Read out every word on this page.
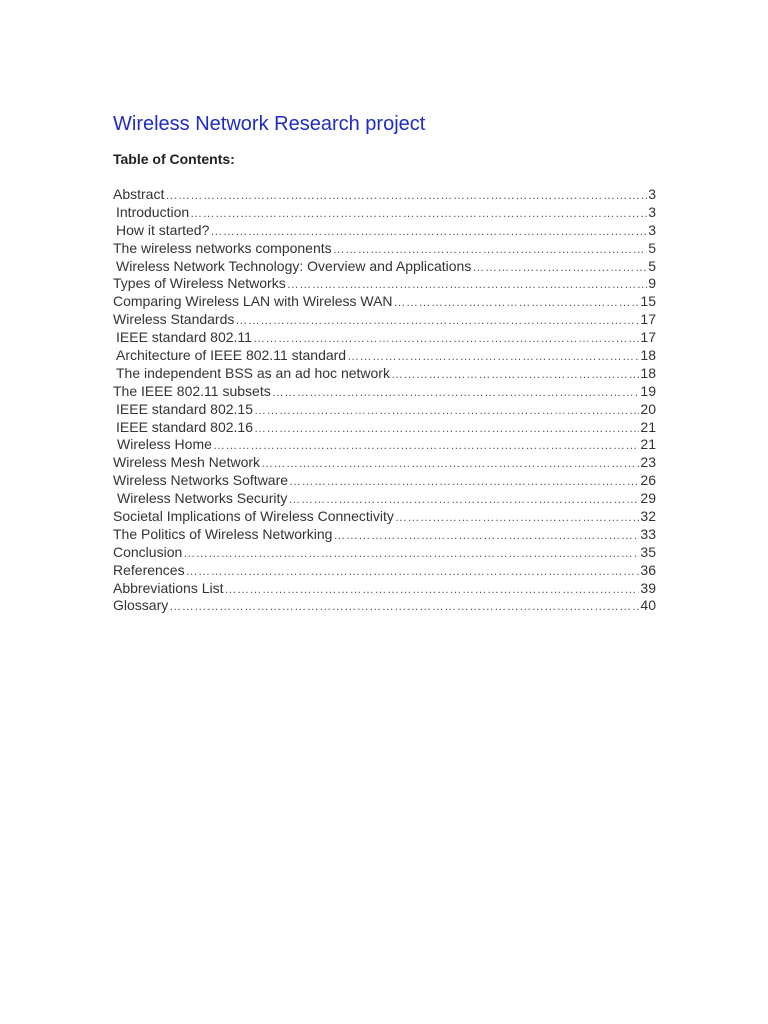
Wireless Network Research project
Table of Contents:
Abstract ………………………………………………………………………………………………………………………………………………………………	3
Introduction ………………………………………………………………………………………………………………………………………………………………	3
How it started? ………………………………………………………………………………………………………………………………………………………………	3
The wireless networks components ………………………………………………………………………………………………………………………………………………………………	5
Wireless Network Technology: Overview and Applications ………………………………………………………………………………………………………………………………………………………………	5
Types of Wireless Networks ………………………………………………………………………………………………………………………………………………………………	9
Comparing Wireless LAN with Wireless WAN ………………………………………………………………………………………………………………………………………………………………	15
Wireless Standards ………………………………………………………………………………………………………………………………………………………………	17
IEEE standard 802.11 ………………………………………………………………………………………………………………………………………………………………	17
Architecture of IEEE 802.11 standard ………………………………………………………………………………………………………………………………………………………………	18
The independent BSS as an ad hoc network ………………………………………………………………………………………………………………………………………………………………	18
The IEEE 802.11 subsets ………………………………………………………………………………………………………………………………………………………………	19
IEEE standard 802.15 ………………………………………………………………………………………………………………………………………………………………	20
IEEE standard 802.16 ………………………………………………………………………………………………………………………………………………………………	21
Wireless Home ………………………………………………………………………………………………………………………………………………………………	21
Wireless Mesh Network ………………………………………………………………………………………………………………………………………………………………	23
Wireless Networks Software ………………………………………………………………………………………………………………………………………………………………	26
Wireless Networks Security ………………………………………………………………………………………………………………………………………………………………	29
Societal Implications of Wireless Connectivity ………………………………………………………………………………………………………………………………………………………………	32
The Politics of Wireless Networking ………………………………………………………………………………………………………………………………………………………………	33
Conclusion ………………………………………………………………………………………………………………………………………………………………	35
References ………………………………………………………………………………………………………………………………………………………………	36
Abbreviations List ………………………………………………………………………………………………………………………………………………………………	39
Glossary ………………………………………………………………………………………………………………………………………………………………	40
